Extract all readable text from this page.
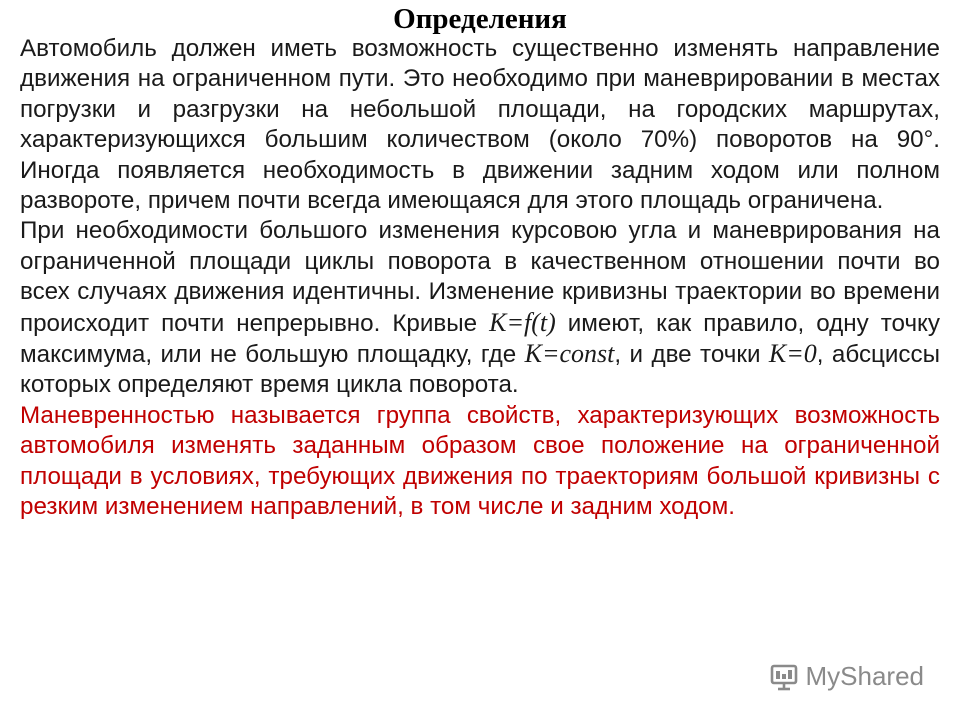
Определения

Автомобиль должен иметь возможность существенно изменять направление движения на ограниченном пути. Это необходимо при маневрировании в местах погрузки и разгрузки на небольшой площади, на городских маршрутах, характеризующихся большим количеством (около 70%) поворотов на 90°. Иногда появляется необходимость в движении задним ходом или полном развороте, причем почти всегда имеющаяся для этого площадь ограничена.

При необходимости большого изменения курсовою угла и маневрирования на ограниченной площади циклы поворота в качественном отношении почти во всех случаях движения идентичны. Изменение кривизны траектории во времени происходит почти непрерывно. Кривые K=f(t) имеют, как правило, одну точку максимума, или не большую площадку, где K=const, и две точки K=0, абсциссы которых определяют время цикла поворота.

Маневренностью называется группа свойств, характеризующих возможность автомобиля изменять заданным образом свое положение на ограниченной площади в условиях, требующих движения по траекториям большой кривизны с резким изменением направлений, в том числе и задним ходом.

MyShared
